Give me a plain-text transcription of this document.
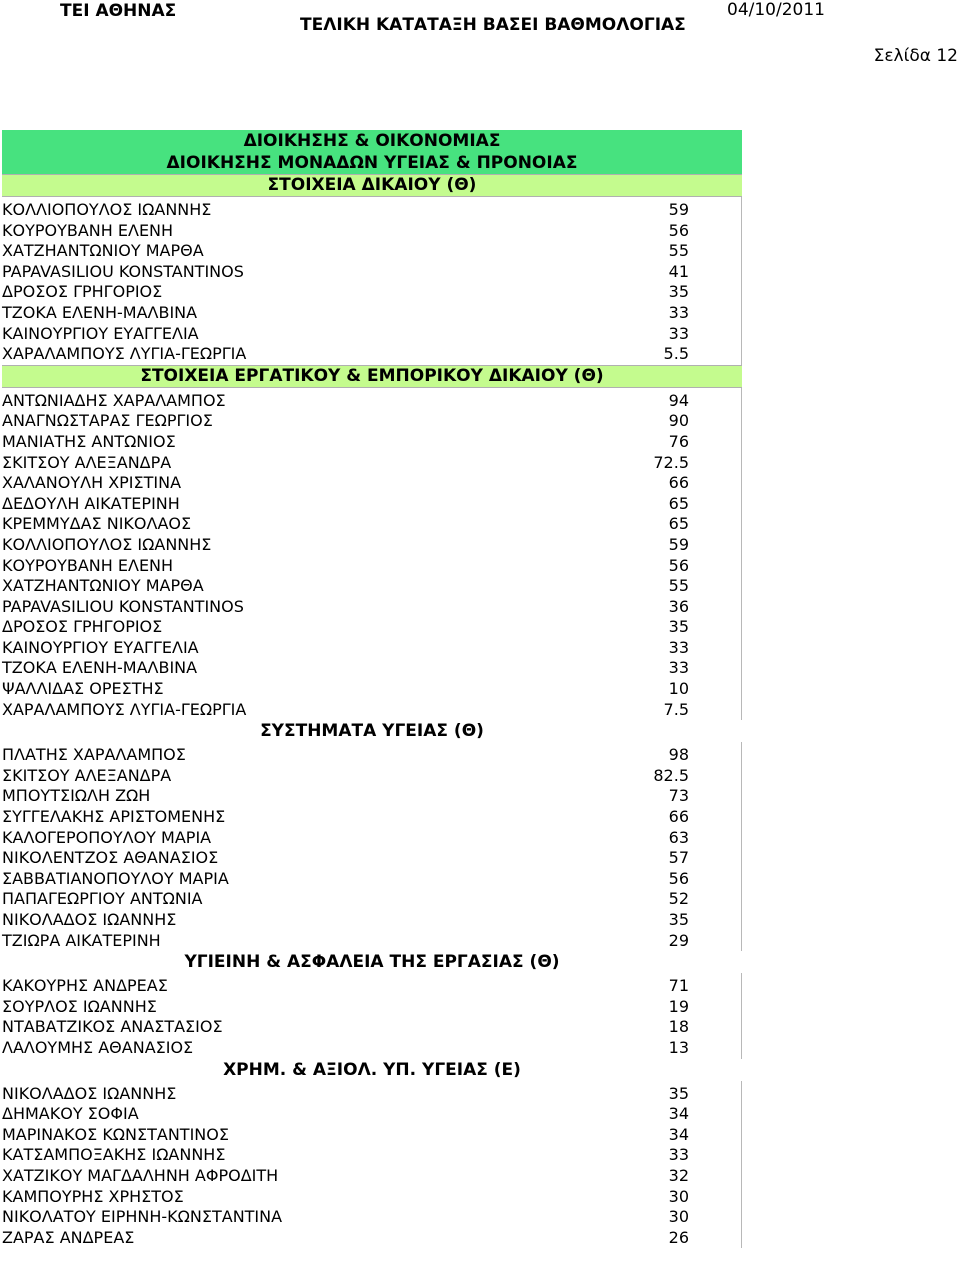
ΤΕΙ ΑΘΗΝΑΣ
ΤΕΛΙΚΗ ΚΑΤΑΤΑΞΗ ΒΑΣΕΙ ΒΑΘΜΟΛΟΓΙΑΣ
04/10/2011
Σελίδα 12
ΔΙΟΙΚΗΣΗΣ & ΟΙΚΟΝΟΜΙΑΣ
ΔΙΟΙΚΗΣΗΣ ΜΟΝΑΔΩΝ ΥΓΕΙΑΣ & ΠΡΟΝΟΙΑΣ
ΣΤΟΙΧΕΙΑ ΔΙΚΑΙΟΥ (Θ)
ΚΟΛΛΙΟΠΟΥΛΟΣ ΙΩΑΝΝΗΣ	59
ΚΟΥΡΟΥΒΑΝΗ ΕΛΕΝΗ	56
ΧΑΤΖΗΑΝΤΩΝΙΟΥ ΜΑΡΘΑ	55
PAPAVASILIOU KONSTANTINOS	41
ΔΡΟΣΟΣ ΓΡΗΓΟΡΙΟΣ	35
ΤΖΟΚΑ ΕΛΕΝΗ-ΜΑΛΒΙΝΑ	33
ΚΑΙΝΟΥΡΓΙΟΥ ΕΥΑΓΓΕΛΙΑ	33
ΧΑΡΑΛΑΜΠΟΥΣ ΛΥΓΙΑ-ΓΕΩΡΓΙΑ	5.5
ΣΤΟΙΧΕΙΑ ΕΡΓΑΤΙΚΟΥ & ΕΜΠΟΡΙΚΟΥ ΔΙΚΑΙΟΥ (Θ)
ΑΝΤΩΝΙΑΔΗΣ ΧΑΡΑΛΑΜΠΟΣ	94
ΑΝΑΓΝΩΣΤΑΡΑΣ ΓΕΩΡΓΙΟΣ	90
ΜΑΝΙΑΤΗΣ ΑΝΤΩΝΙΟΣ	76
ΣΚΙΤΣΟΥ ΑΛΕΞΑΝΔΡΑ	72.5
ΧΑΛΑΝΟΥΛΗ ΧΡΙΣΤΙΝΑ	66
ΔΕΔΟΥΛΗ ΑΙΚΑΤΕΡΙΝΗ	65
ΚΡΕΜΜΥΔΑΣ ΝΙΚΟΛΑΟΣ	65
ΚΟΛΛΙΟΠΟΥΛΟΣ ΙΩΑΝΝΗΣ	59
ΚΟΥΡΟΥΒΑΝΗ ΕΛΕΝΗ	56
ΧΑΤΖΗΑΝΤΩΝΙΟΥ ΜΑΡΘΑ	55
PAPAVASILIOU KONSTANTINOS	36
ΔΡΟΣΟΣ ΓΡΗΓΟΡΙΟΣ	35
ΚΑΙΝΟΥΡΓΙΟΥ ΕΥΑΓΓΕΛΙΑ	33
ΤΖΟΚΑ ΕΛΕΝΗ-ΜΑΛΒΙΝΑ	33
ΨΑΛΛΙΔΑΣ ΟΡΕΣΤΗΣ	10
ΧΑΡΑΛΑΜΠΟΥΣ ΛΥΓΙΑ-ΓΕΩΡΓΙΑ	7.5
ΣΥΣΤΗΜΑΤΑ ΥΓΕΙΑΣ (Θ)
ΠΛΑΤΗΣ ΧΑΡΑΛΑΜΠΟΣ	98
ΣΚΙΤΣΟΥ ΑΛΕΞΑΝΔΡΑ	82.5
ΜΠΟΥΤΣΙΩΛΗ ΖΩΗ	73
ΣΥΓΓΕΛΑΚΗΣ ΑΡΙΣΤΟΜΕΝΗΣ	66
ΚΑΛΟΓΕΡΟΠΟΥΛΟΥ ΜΑΡΙΑ	63
ΝΙΚΟΛΕΝΤΖΟΣ ΑΘΑΝΑΣΙΟΣ	57
ΣΑΒΒΑΤΙΑΝΟΠΟΥΛΟΥ ΜΑΡΙΑ	56
ΠΑΠΑΓΕΩΡΓΙΟΥ ΑΝΤΩΝΙΑ	52
ΝΙΚΟΛΑΔΟΣ ΙΩΑΝΝΗΣ	35
ΤΖΙΩΡΑ ΑΙΚΑΤΕΡΙΝΗ	29
ΥΓΙΕΙΝΗ & ΑΣΦΑΛΕΙΑ ΤΗΣ ΕΡΓΑΣΙΑΣ (Θ)
ΚΑΚΟΥΡΗΣ ΑΝΔΡΕΑΣ	71
ΣΟΥΡΛΟΣ ΙΩΑΝΝΗΣ	19
ΝΤΑΒΑΤΖΙΚΟΣ ΑΝΑΣΤΑΣΙΟΣ	18
ΛΑΛΟΥΜΗΣ ΑΘΑΝΑΣΙΟΣ	13
ΧΡΗΜ. & ΑΞΙΟΛ. ΥΠ. ΥΓΕΙΑΣ (Ε)
ΝΙΚΟΛΑΔΟΣ ΙΩΑΝΝΗΣ	35
ΔΗΜΑΚΟΥ ΣΟΦΙΑ	34
ΜΑΡΙΝΑΚΟΣ ΚΩΝΣΤΑΝΤΙΝΟΣ	34
ΚΑΤΣΑΜΠΟΞΑΚΗΣ ΙΩΑΝΝΗΣ	33
ΧΑΤΖΙΚΟΥ ΜΑΓΔΑΛΗΝΗ ΑΦΡΟΔΙΤΗ	32
ΚΑΜΠΟΥΡΗΣ ΧΡΗΣΤΟΣ	30
ΝΙΚΟΛΑΤΟΥ ΕΙΡΗΝΗ-ΚΩΝΣΤΑΝΤΙΝΑ	30
ΖΑΡΑΣ ΑΝΔΡΕΑΣ	26
